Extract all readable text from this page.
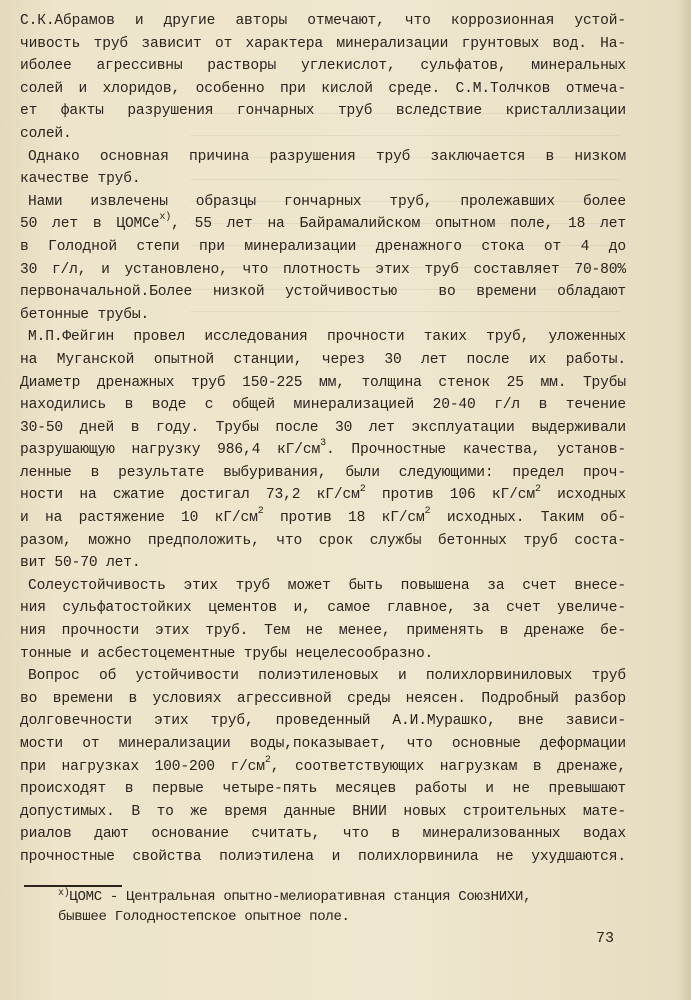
С.К.Абрамов и другие авторы отмечают, что коррозионная устой-
чивость труб зависит от характера минерализации грунтовых вод. На-
иболее агрессивны растворы углекислот, сульфатов, минеральных
солей и хлоридов, особенно при кислой среде. С.М.Толчков отмеча-
ет факты разрушения гончарных труб вследствие кристаллизации
солей.
Однако основная причина разрушения труб заключается в низком
качестве труб.
Нами извлечены образцы гончарных труб, пролежавших более
50 лет в ЦОМСе$^{x)}$, 55 лет на Байрамалийском опытном поле, 18 лет
в Голодной степи при минерализации дренажного стока от 4 до
30 г/л, и установлено, что плотность этих труб составляет 70-80%
первоначальной.Более низкой устойчивостью  во времени обладают
бетонные трубы.
М.П.Фейгин провел исследования прочности таких труб, уложенных
на Муганской опытной станции, через 30 лет после их работы.
Диаметр дренажных труб 150-225 мм, толщина стенок 25 мм. Трубы
находились в воде с общей минерализацией 20-40 г/л в течение
30-50 дней в году. Трубы после 30 лет эксплуатации выдерживали
разрушающую нагрузку 986,4 $кГ/см^3$. Прочностные качества, установ-
ленные в результате выбуривания, были следующими: предел проч-
ности на сжатие достигал 73,2 $кГ/см^2$ против 106 $кГ/см^2$ исходных
и на растяжение 10 $кГ/см^2$ против 18 $кГ/см^2$ исходных. Таким об-
разом, можно предположить, что срок службы бетонных труб соста-
вит 50-70 лет.
Солеустойчивость этих труб может быть повышена за счет внесе-
ния сульфатостойких цементов и, самое главное, за счет увеличе-
ния прочности этих труб. Тем не менее, применять в дренаже бе-
тонные и асбестоцементные трубы нецелесообразно.
Вопрос об устойчивости полиэтиленовых и полихлорвиниловых труб
во времени в условиях агрессивной среды неясен. Подробный разбор
долговечности этих труб, проведенный А.И.Мурашко, вне зависи-
мости от минерализации воды,показывает, что основные деформации
при нагрузках 100-200 $г/см^2$, соответствующих нагрузкам в дренаже,
происходят в первые четыре-пять месяцев работы и не превышают
допустимых. В то же время данные ВНИИ новых строительных мате-
риалов дают основание считать, что в минерализованных водах
прочностные свойства полиэтилена и полихлорвинила не ухудшаются.
$^{x)}$ЦОМС - Центральная опытно-мелиоративная станция СоюзНИХИ,
бывшее Голодностепское опытное поле.
73
